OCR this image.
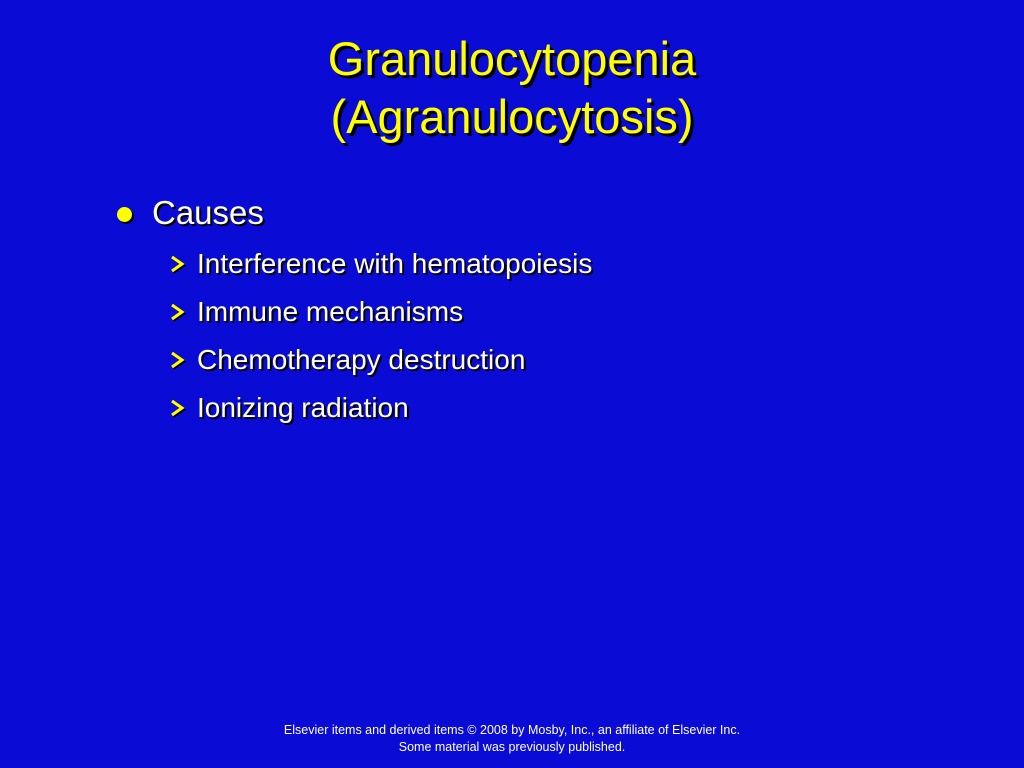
Granulocytopenia
(Agranulocytosis)
Causes
Interference with hematopoiesis
Immune mechanisms
Chemotherapy destruction
Ionizing radiation
Elsevier items and derived items © 2008 by Mosby, Inc., an affiliate of Elsevier Inc.
Some material was previously published.
